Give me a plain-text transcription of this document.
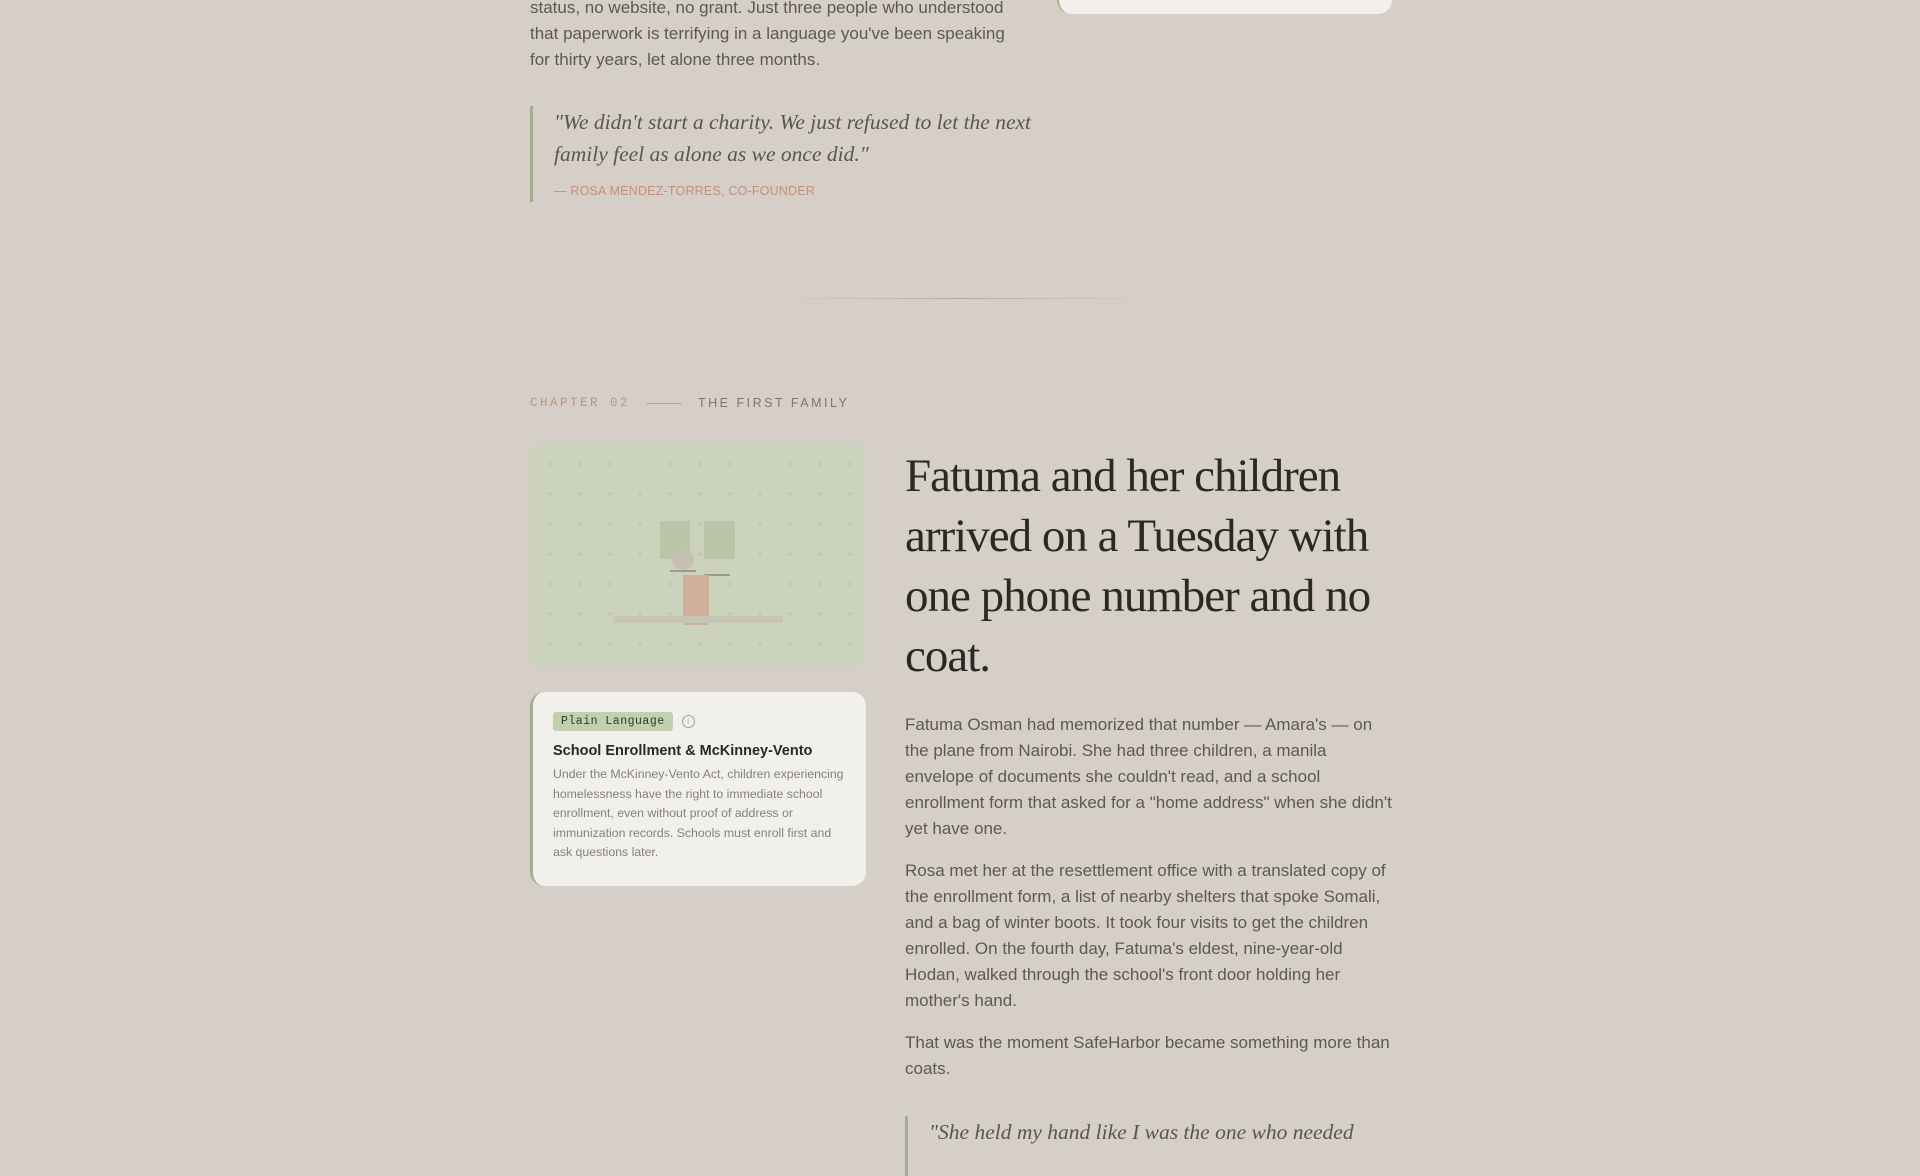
status, no website, no grant. Just three people who understood that paperwork is terrifying in a language you've been speaking for thirty years, let alone three months.

"We didn't start a charity. We just refused to let the next family feel as alone as we once did."
— ROSA MENDEZ-TORRES, CO-FOUNDER
CHAPTER 02	THE FIRST FAMILY
Plain Language	i
School Enrollment & McKinney-Vento
Under the McKinney-Vento Act, children experiencing homelessness have the right to immediate school enrollment, even without proof of address or immunization records. Schools must enroll first and ask questions later.
Fatuma and her children arrived on a Tuesday with one phone number and no coat.

Fatuma Osman had memorized that number — Amara's — on the plane from Nairobi. She had three children, a manila envelope of documents she couldn't read, and a school enrollment form that asked for a "home address" when she didn't yet have one.

Rosa met her at the resettlement office with a translated copy of the enrollment form, a list of nearby shelters that spoke Somali, and a bag of winter boots. It took four visits to get the children enrolled. On the fourth day, Fatuma's eldest, nine-year-old Hodan, walked through the school's front door holding her mother's hand.

That was the moment SafeHarbor became something more than coats.

"She held my hand like I was the one who needed
